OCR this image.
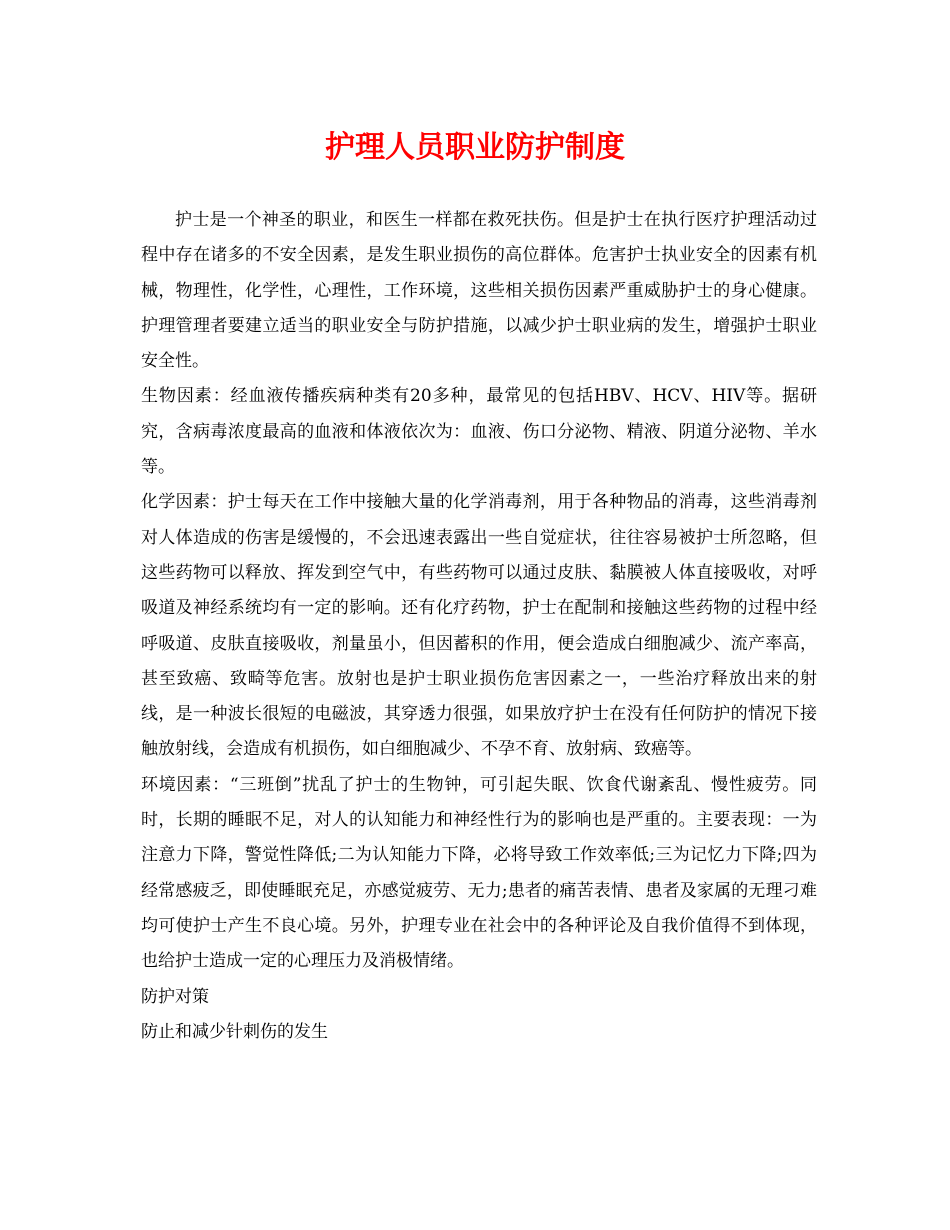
护理人员职业防护制度

护士是一个神圣的职业，和医生一样都在救死扶伤。但是护士在执行医疗护理活动过程中存在诸多的不安全因素，是发生职业损伤的高位群体。危害护士执业安全的因素有机械，物理性，化学性，心理性，工作环境，这些相关损伤因素严重威胁护士的身心健康。护理管理者要建立适当的职业安全与防护措施，以减少护士职业病的发生，增强护士职业安全性。

生物因素：经血液传播疾病种类有20多种，最常见的包括HBV、HCV、HIV等。据研究，含病毒浓度最高的血液和体液依次为：血液、伤口分泌物、精液、阴道分泌物、羊水等。

化学因素：护士每天在工作中接触大量的化学消毒剂，用于各种物品的消毒，这些消毒剂对人体造成的伤害是缓慢的，不会迅速表露出一些自觉症状，往往容易被护士所忽略，但这些药物可以释放、挥发到空气中，有些药物可以通过皮肤、黏膜被人体直接吸收，对呼吸道及神经系统均有一定的影响。还有化疗药物，护士在配制和接触这些药物的过程中经呼吸道、皮肤直接吸收，剂量虽小，但因蓄积的作用，便会造成白细胞减少、流产率高，甚至致癌、致畸等危害。放射也是护士职业损伤危害因素之一，一些治疗释放出来的射线，是一种波长很短的电磁波，其穿透力很强，如果放疗护士在没有任何防护的情况下接触放射线，会造成有机损伤，如白细胞减少、不孕不育、放射病、致癌等。

环境因素：“三班倒”扰乱了护士的生物钟，可引起失眠、饮食代谢紊乱、慢性疲劳。同时，长期的睡眠不足，对人的认知能力和神经性行为的影响也是严重的。主要表现：一为注意力下降，警觉性降低;二为认知能力下降，必将导致工作效率低;三为记忆力下降;四为经常感疲乏，即使睡眠充足，亦感觉疲劳、无力;患者的痛苦表情、患者及家属的无理刁难均可使护士产生不良心境。另外，护理专业在社会中的各种评论及自我价值得不到体现，也给护士造成一定的心理压力及消极情绪。

防护对策

防止和减少针刺伤的发生
